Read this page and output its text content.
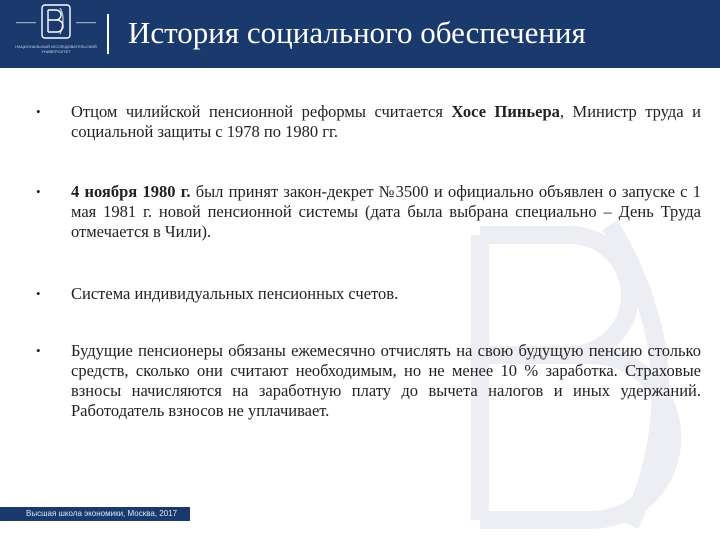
НАЦИОНАЛЬНЫЙ ИССЛЕДОВАТЕЛЬСКИЙ УНИВЕРСИТЕТ
История социального обеспечения
• Отцом чилийской пенсионной реформы считается Хосе Пиньера, Министр труда и социальной защиты с 1978 по 1980 гг.
• 4 ноября 1980 г. был принят закон-декрет №3500 и официально объявлен о запуске с 1 мая 1981 г. новой пенсионной системы (дата была выбрана специально – День Труда отмечается в Чили).
• Система индивидуальных пенсионных счетов.
• Будущие пенсионеры обязаны ежемесячно отчислять на свою будущую пенсию столько средств, сколько они считают необходимым, но не менее 10 % заработка. Страховые взносы начисляются на заработную плату до вычета налогов и иных удержаний. Работодатель взносов не уплачивает.
Высшая школа экономики, Москва, 2017
